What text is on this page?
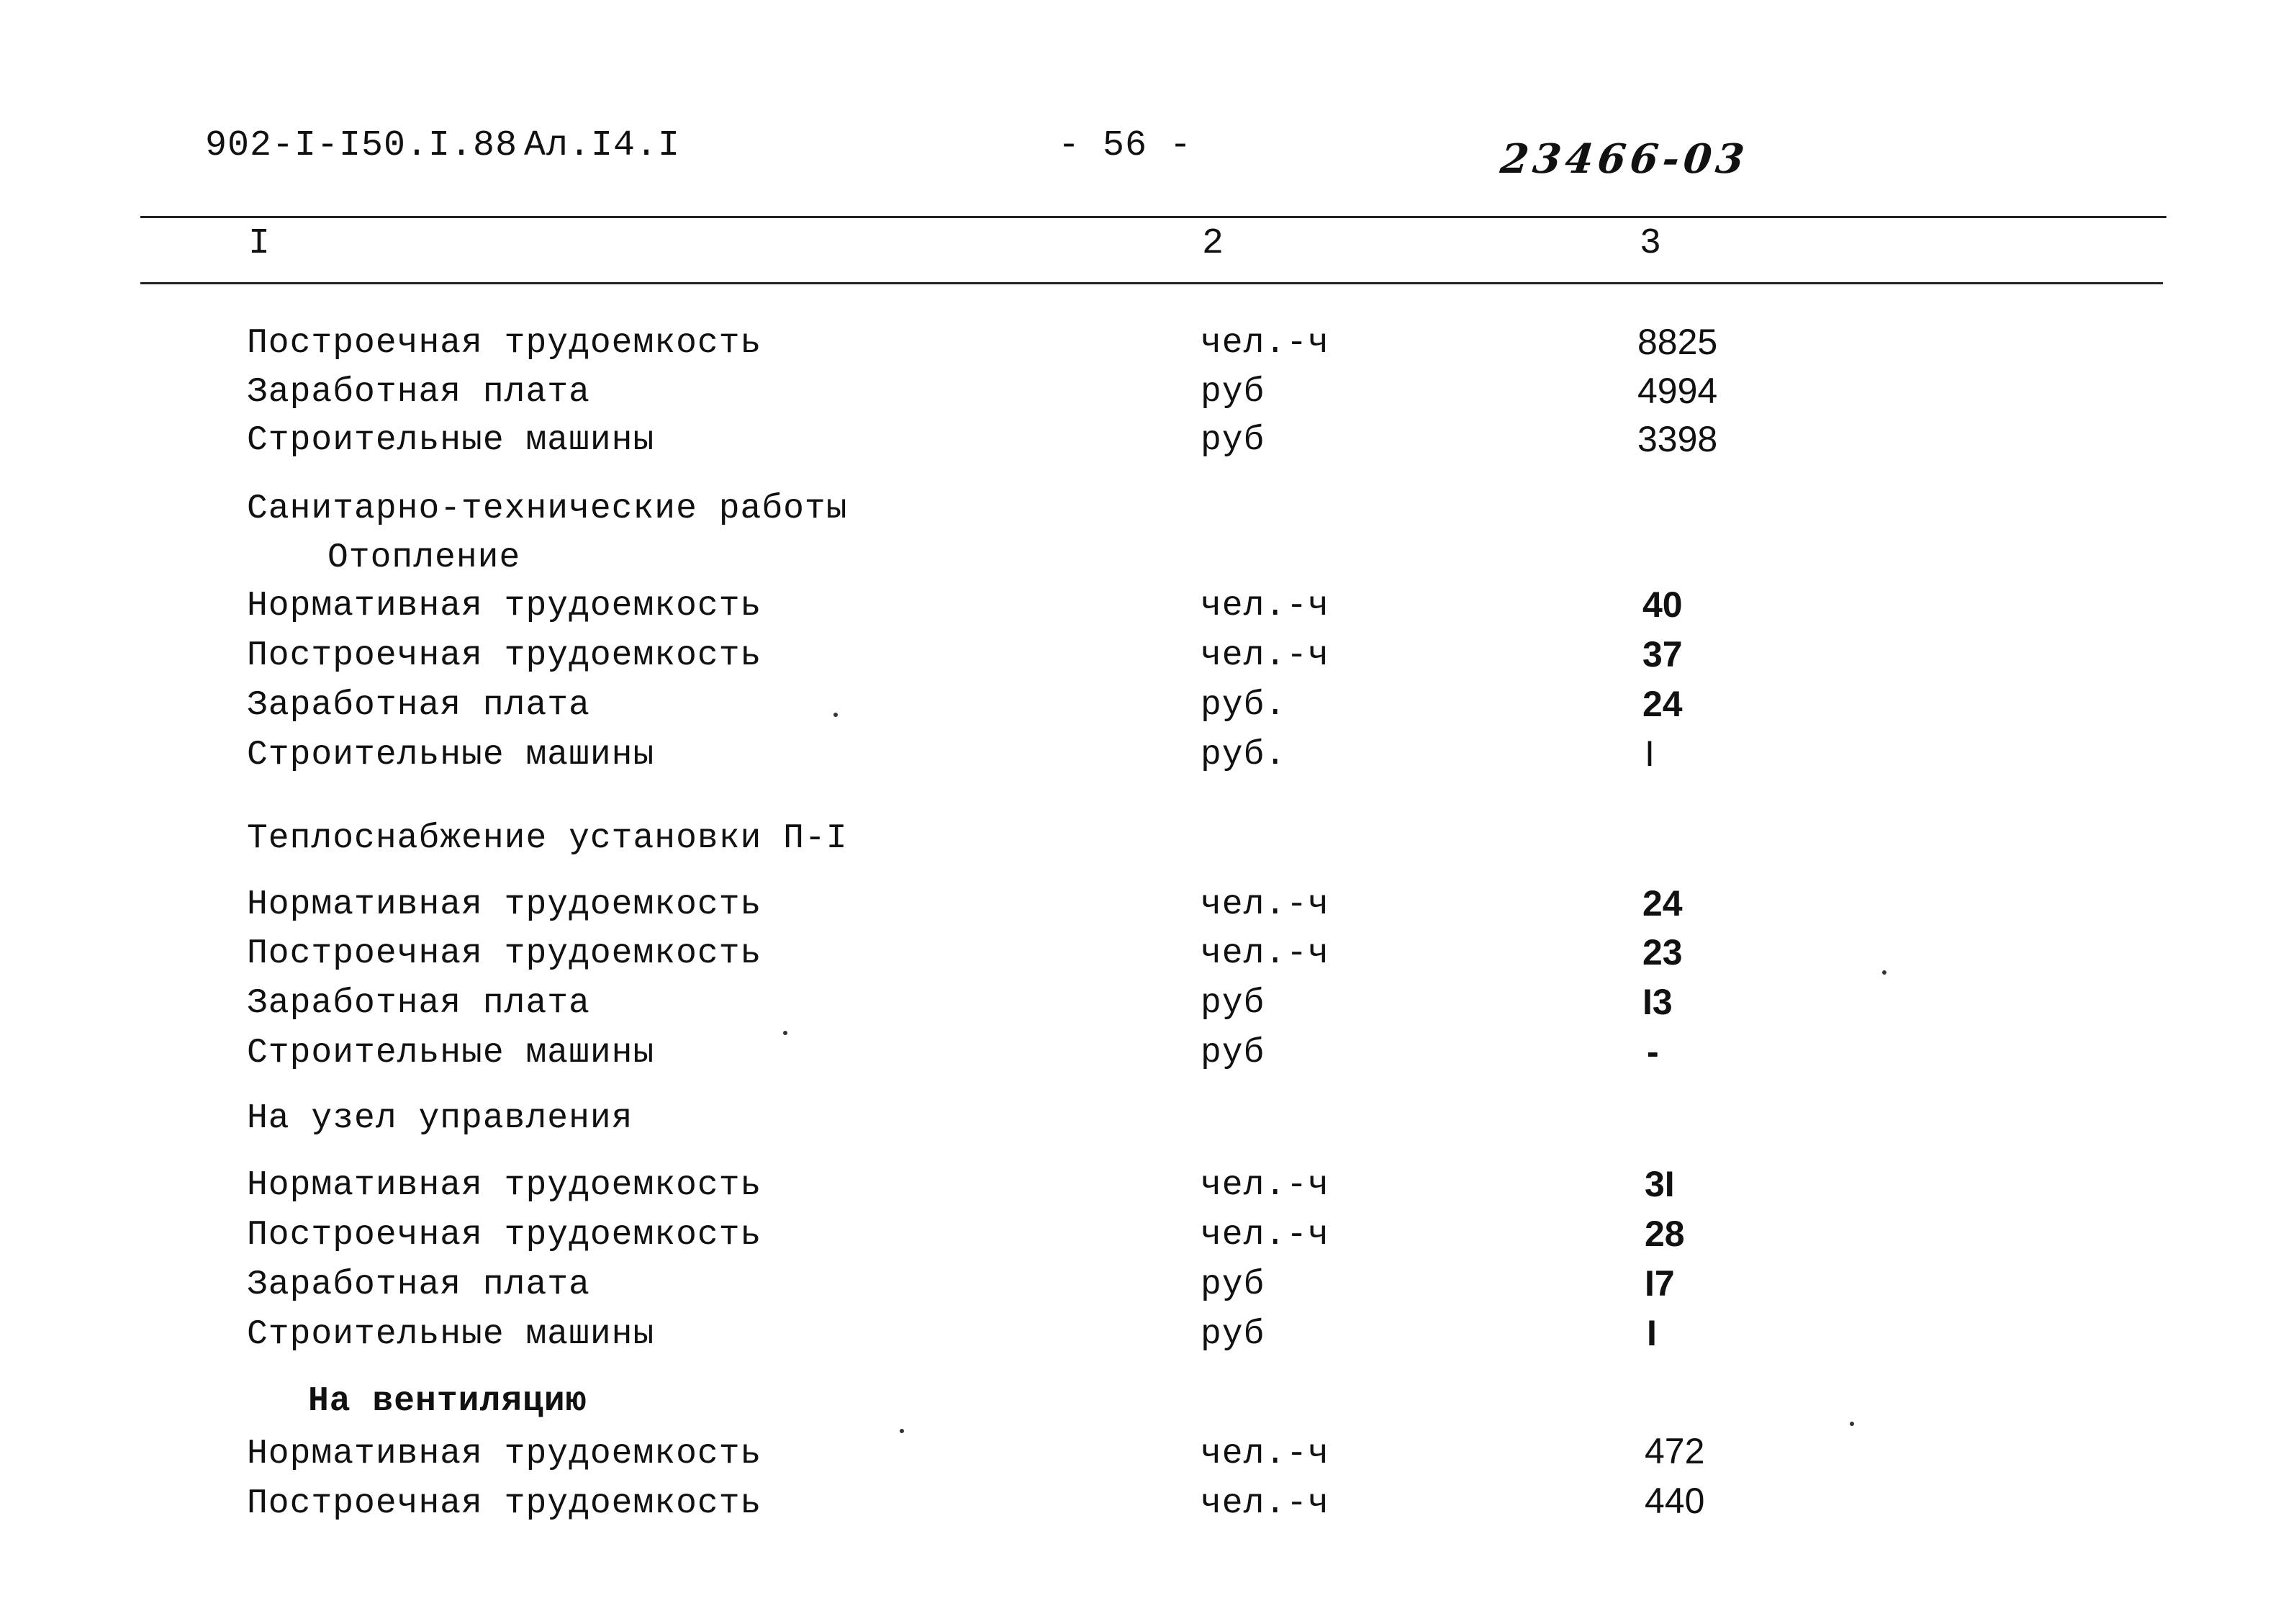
902-I-I50.I.88 Ал.I4.I	- 56 -	23466-03
I	2	3
Построечная трудоемкость	чел.-ч	8825
Заработная плата	руб	4994
Строительные машины	руб	3398
Санитарно-технические работы
Отопление
Нормативная трудоемкость	чел.-ч	40
Построечная трудоемкость	чел.-ч	37
Заработная плата	руб.	24
Строительные машины	руб.	I
Теплоснабжение установки П-I
Нормативная трудоемкость	чел.-ч	24
Построечная трудоемкость	чел.-ч	23
Заработная плата	руб	I3
Строительные машины	руб	-
На узел управления
Нормативная трудоемкость	чел.-ч	3I
Построечная трудоемкость	чел.-ч	28
Заработная плата	руб	I7
Строительные машины	руб	I
На вентиляцию
Нормативная трудоемкость	чел.-ч	472
Построечная трудоемкость	чел.-ч	440
